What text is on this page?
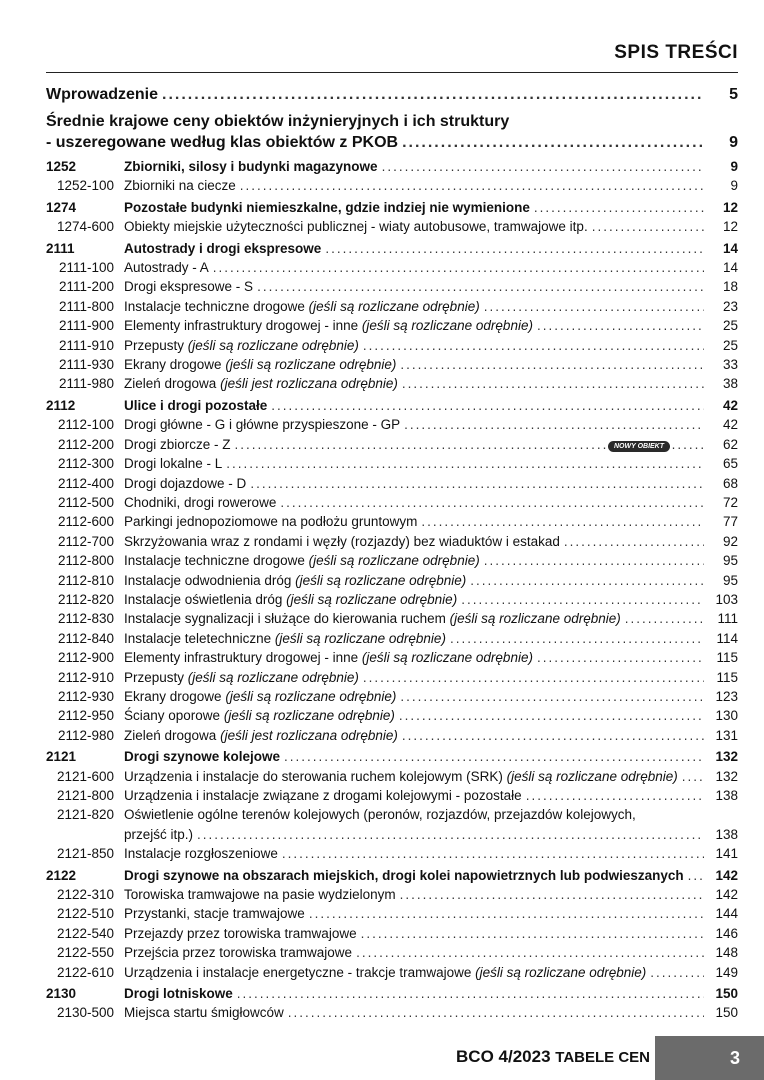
SPIS TREŚCI
Wprowadzenie .....	5
Średnie krajowe ceny obiektów inżynieryjnych i ich struktury
- uszeregowane według klas obiektów z PKOB .....	9
1252	Zbiorniki, silosy i budynki magazynowe .....	9
1252-100 Zbiorniki na ciecze .....	9
1274	Pozostałe budynki niemieszkalne, gdzie indziej nie wymienione .....	12
1274-600 Obiekty miejskie użyteczności publicznej - wiaty autobusowe, tramwajowe itp. .....	12
2111	Autostrady i drogi ekspresowe .....	14
2111-100 Autostrady - A .....	14
2111-200 Drogi ekspresowe - S .....	18
2111-800 Instalacje techniczne drogowe (jeśli są rozliczane odrębnie) .....	23
2111-900 Elementy infrastruktury drogowej - inne (jeśli są rozliczane odrębnie) .....	25
2111-910 Przepusty (jeśli są rozliczane odrębnie) .....	25
2111-930 Ekrany drogowe (jeśli są rozliczane odrębnie) .....	33
2111-980 Zieleń drogowa (jeśli jest rozliczana odrębnie) .....	38
2112	Ulice i drogi pozostałe .....	42
2112-100 Drogi główne - G i główne przyspieszone - GP .....	42
2112-200 Drogi zbiorcze - Z .....	62
2112-300 Drogi lokalne - L .....	65
2112-400 Drogi dojazdowe - D .....	68
2112-500 Chodniki, drogi rowerowe .....	72
2112-600 Parkingi jednopoziomowe na podłożu gruntowym .....	77
2112-700 Skrzyżowania wraz z rondami i węzły (rozjazdy) bez wiaduktów i estakad .....	92
2112-800 Instalacje techniczne drogowe (jeśli są rozliczane odrębnie) .....	95
2112-810 Instalacje odwodnienia dróg (jeśli są rozliczane odrębnie) .....	95
2112-820 Instalacje oświetlenia dróg (jeśli są rozliczane odrębnie) .....	103
2112-830 Instalacje sygnalizacji i służące do kierowania ruchem (jeśli są rozliczane odrębnie) .....	111
2112-840 Instalacje teletechniczne (jeśli są rozliczane odrębnie) .....	114
2112-900 Elementy infrastruktury drogowej - inne (jeśli są rozliczane odrębnie) .....	115
2112-910 Przepusty (jeśli są rozliczane odrębnie) .....	115
2112-930 Ekrany drogowe (jeśli są rozliczane odrębnie) .....	123
2112-950 Ściany oporowe (jeśli są rozliczane odrębnie) .....	130
2112-980 Zieleń drogowa (jeśli jest rozliczana odrębnie) .....	131
2121	Drogi szynowe kolejowe .....	132
2121-600 Urządzenia i instalacje do sterowania ruchem kolejowym (SRK) (jeśli są rozliczane odrębnie) .....	132
2121-800 Urządzenia i instalacje związane z drogami kolejowymi - pozostałe .....	138
2121-820 Oświetlenie ogólne terenów kolejowych (peronów, rozjazdów, przejazdów kolejowych,
przejść itp.) .....	138
2121-850 Instalacje rozgłoszeniowe .....	141
2122	Drogi szynowe na obszarach miejskich, drogi kolei napowietrznych lub podwieszanych .....	142
2122-310 Torowiska tramwajowe na pasie wydzielonym .....	142
2122-510 Przystanki, stacje tramwajowe .....	144
2122-540 Przejazdy przez torowiska tramwajowe .....	146
2122-550 Przejścia przez torowiska tramwajowe .....	148
2122-610 Urządzenia i instalacje energetyczne - trakcje tramwajowe (jeśli są rozliczane odrębnie) .....	149
2130	Drogi lotniskowe .....	150
2130-500 Miejsca startu śmigłowców .....	150
NOWY OBIEKT
BCO 4/2023 TABELE CEN	3
